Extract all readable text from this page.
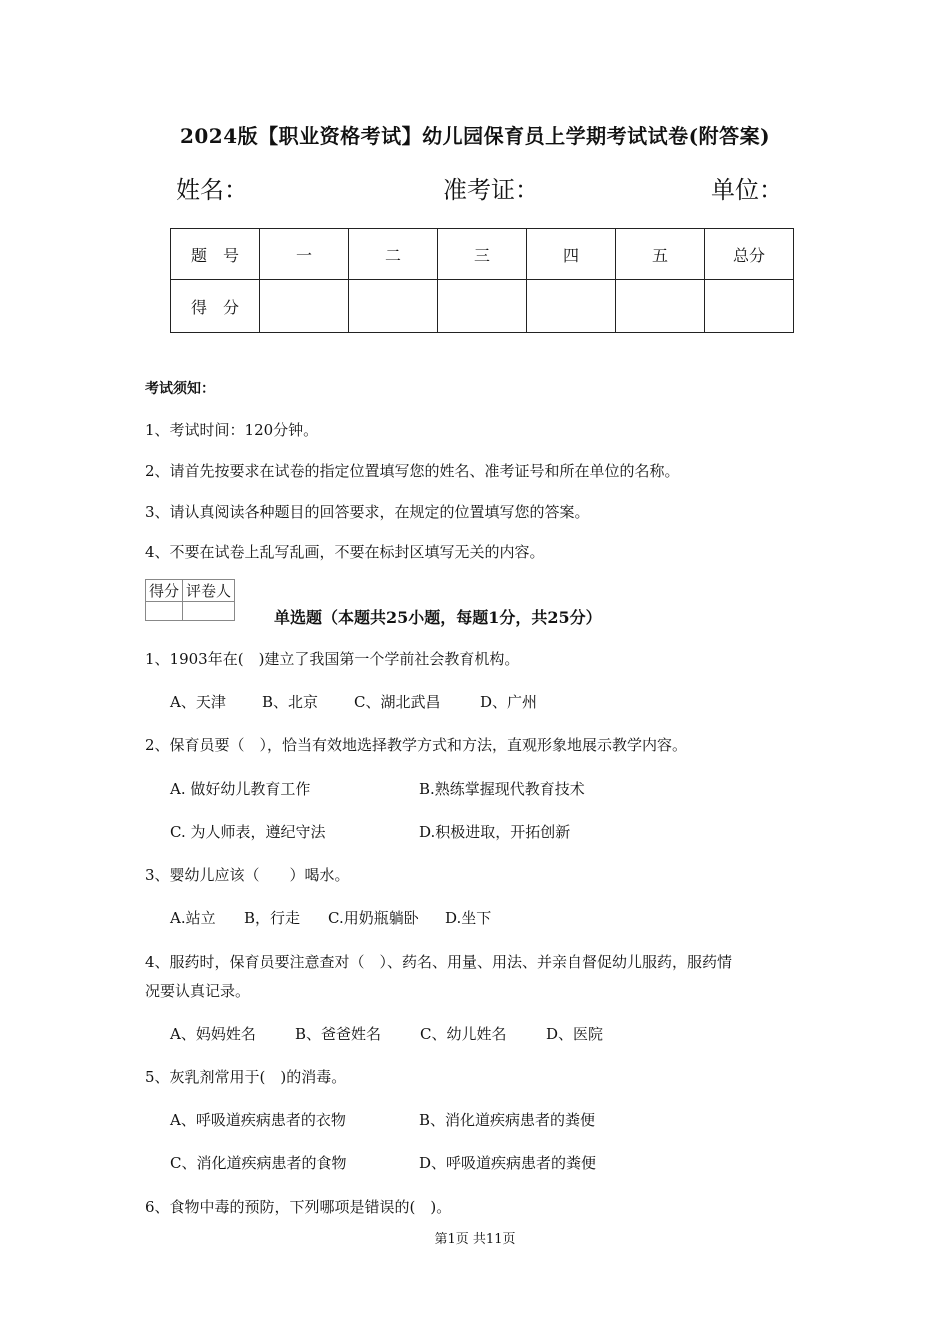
2024版【职业资格考试】幼儿园保育员上学期考试试卷(附答案)
姓名：	准考证：	单位：
题　号	一	二	三	四	五	总分
得　分						
考试须知：
1、考试时间：120分钟。
2、请首先按要求在试卷的指定位置填写您的姓名、准考证号和所在单位的名称。
3、请认真阅读各种题目的回答要求，在规定的位置填写您的答案。
4、不要在试卷上乱写乱画，不要在标封区填写无关的内容。
得分	评卷人

单选题（本题共25小题，每题1分，共25分）
1、1903年在(　)建立了我国第一个学前社会教育机构。
A、天津 B、北京 C、湖北武昌	D、广州
2、保育员要（　），恰当有效地选择教学方式和方法，直观形象地展示教学内容。
A. 做好幼儿教育工作	B.熟练掌握现代教育技术
C. 为人师表，遵纪守法	D.积极进取，开拓创新
3、婴幼儿应该（　　）喝水。
A.站立 B，行走 C.用奶瓶躺卧 D.坐下
4、服药时，保育员要注意查对（　）、药名、用量、用法、并亲自督促幼儿服药，服药情
况要认真记录。
A、妈妈姓名	B、爸爸姓名	C、幼儿姓名	D、医院
5、灰乳剂常用于(　)的消毒。
A、呼吸道疾病患者的衣物	B、消化道疾病患者的粪便
C、消化道疾病患者的食物	D、呼吸道疾病患者的粪便
6、食物中毒的预防，下列哪项是错误的(　)。
第1页 共11页
